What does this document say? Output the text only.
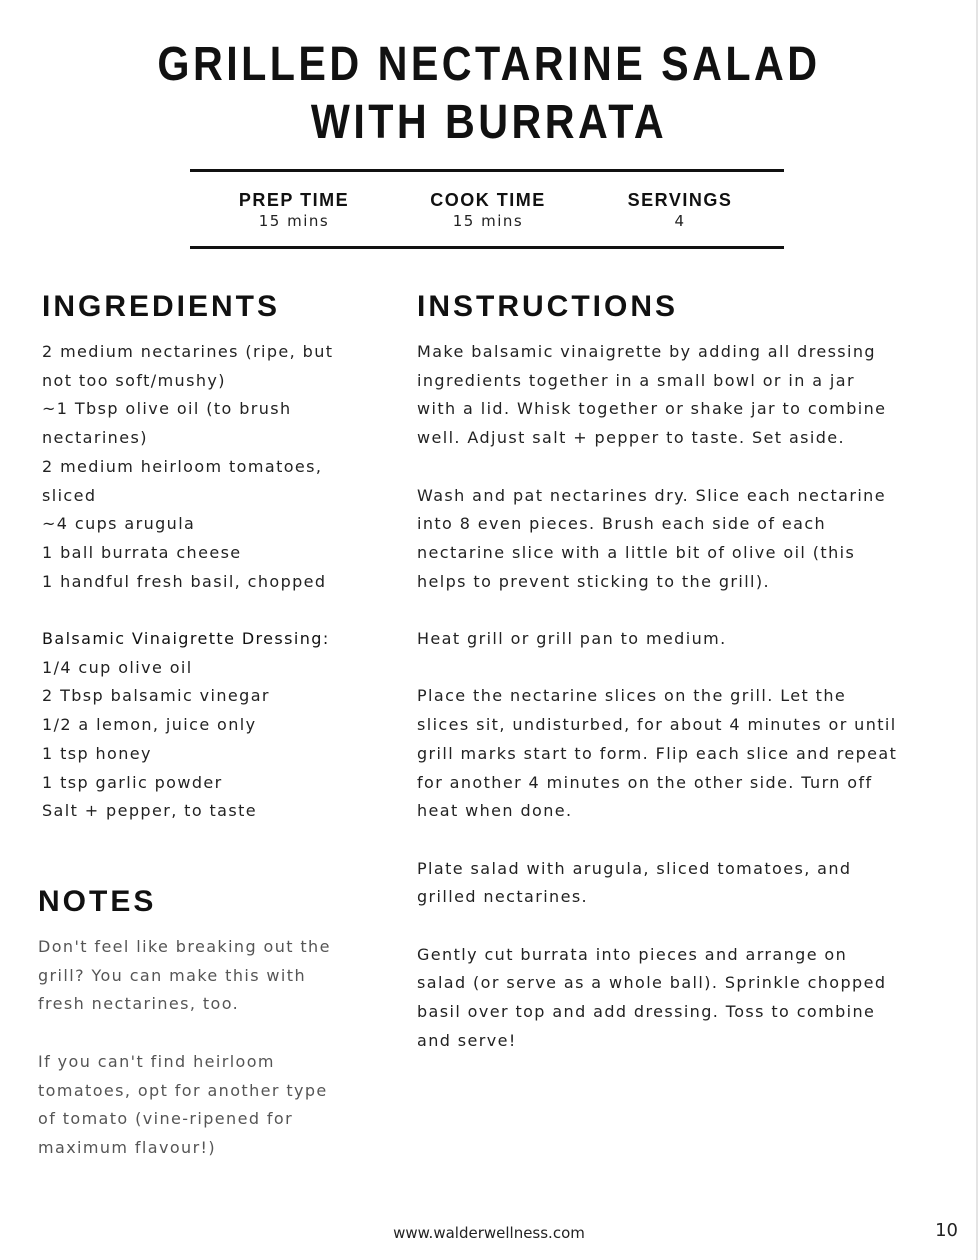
GRILLED NECTARINE SALAD
WITH BURRATA
PREP TIME
15 mins
COOK TIME
15 mins
SERVINGS
4
INGREDIENTS
2 medium nectarines (ripe, but
not too soft/mushy)
~1 Tbsp olive oil (to brush
nectarines)
2 medium heirloom tomatoes,
sliced
~4 cups arugula
1 ball burrata cheese
1 handful fresh basil, chopped
Balsamic Vinaigrette Dressing:
1/4 cup olive oil
2 Tbsp balsamic vinegar
1/2 a lemon, juice only
1 tsp honey
1 tsp garlic powder
Salt + pepper, to taste
NOTES
Don't feel like breaking out the
grill? You can make this with
fresh nectarines, too.
If you can't find heirloom
tomatoes, opt for another type
of tomato (vine-ripened for
maximum flavour!)
INSTRUCTIONS
Make balsamic vinaigrette by adding all dressing
ingredients together in a small bowl or in a jar
with a lid. Whisk together or shake jar to combine
well. Adjust salt + pepper to taste. Set aside.
Wash and pat nectarines dry. Slice each nectarine
into 8 even pieces. Brush each side of each
nectarine slice with a little bit of olive oil (this
helps to prevent sticking to the grill).
Heat grill or grill pan to medium.
Place the nectarine slices on the grill. Let the
slices sit, undisturbed, for about 4 minutes or until
grill marks start to form. Flip each slice and repeat
for another 4 minutes on the other side. Turn off
heat when done.
Plate salad with arugula, sliced tomatoes, and
grilled nectarines.
Gently cut burrata into pieces and arrange on
salad (or serve as a whole ball). Sprinkle chopped
basil over top and add dressing. Toss to combine
and serve!
www.walderwellness.com	10
